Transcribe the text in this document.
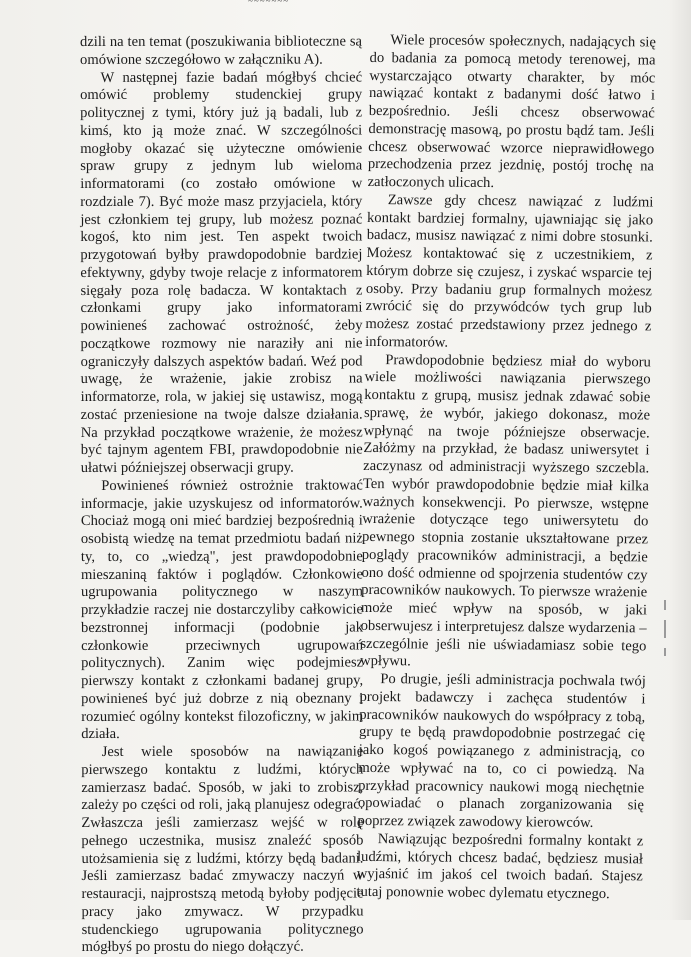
~~~~~~~

dzili na ten temat (poszukiwania biblioteczne są omówione szczegółowo w załączniku A).

W następnej fazie badań mógłbyś chcieć omówić problemy studenckiej grupy politycznej z tymi, który już ją badali, lub z kimś, kto ją może znać. W szczególności mogłoby okazać się użyteczne omówienie spraw grupy z jednym lub wieloma informatorami (co zostało omówione w rozdziale 7). Być może masz przyjaciela, który jest członkiem tej grupy, lub możesz poznać kogoś, kto nim jest. Ten aspekt twoich przygotowań byłby prawdopodobnie bardziej efektywny, gdyby twoje relacje z informatorem sięgały poza rolę badacza. W kontaktach z członkami grupy jako informatorami powinieneś zachować ostrożność, żeby początkowe rozmowy nie naraziły ani nie ograniczyły dalszych aspektów badań. Weź pod uwagę, że wrażenie, jakie zrobisz na informatorze, rola, w jakiej się ustawisz, mogą zostać przeniesione na twoje dalsze działania. Na przykład początkowe wrażenie, że możesz być tajnym agentem FBI, prawdopodobnie nie ułatwi późniejszej obserwacji grupy.

Powinieneś również ostrożnie traktować informacje, jakie uzyskujesz od informatorów. Chociaż mogą oni mieć bardziej bezpośrednią i osobistą wiedzę na temat przedmiotu badań niż ty, to, co „wiedzą", jest prawdopodobnie mieszaniną faktów i poglądów. Członkowie ugrupowania politycznego w naszym przykładzie raczej nie dostarczyliby całkowicie bezstronnej informacji (podobnie jak członkowie przeciwnych ugrupowań politycznych). Zanim więc podejmiesz pierwszy kontakt z członkami badanej grupy, powinieneś być już dobrze z nią obeznany i rozumieć ogólny kontekst filozoficzny, w jakim działa.

Jest wiele sposobów na nawiązanie pierwszego kontaktu z ludźmi, których zamierzasz badać. Sposób, w jaki to zrobisz, zależy po części od roli, jaką planujesz odegrać. Zwłaszcza jeśli zamierzasz wejść w rolę pełnego uczestnika, musisz znaleźć sposób utożsamienia się z ludźmi, którzy będą badani. Jeśli zamierzasz badać zmywaczy naczyń w restauracji, najprostszą metodą byłoby podjęcie pracy jako zmywacz. W przypadku studenckiego ugrupowania politycznego mógłbyś po prostu do niego dołączyć.

Wiele procesów społecznych, nadających się do badania za pomocą metody terenowej, ma wystarczająco otwarty charakter, by móc nawiązać kontakt z badanymi dość łatwo i bezpośrednio. Jeśli chcesz obserwować demonstrację masową, po prostu bądź tam. Jeśli chcesz obserwować wzorce nieprawidłowego przechodzenia przez jezdnię, postój trochę na zatłoczonych ulicach.

Zawsze gdy chcesz nawiązać z ludźmi kontakt bardziej formalny, ujawniając się jako badacz, musisz nawiązać z nimi dobre stosunki. Możesz kontaktować się z uczestnikiem, z którym dobrze się czujesz, i zyskać wsparcie tej osoby. Przy badaniu grup formalnych możesz zwrócić się do przywódców tych grup lub możesz zostać przedstawiony przez jednego z informatorów.

Prawdopodobnie będziesz miał do wyboru wiele możliwości nawiązania pierwszego kontaktu z grupą, musisz jednak zdawać sobie sprawę, że wybór, jakiego dokonasz, może wpłynąć na twoje późniejsze obserwacje. Załóżmy na przykład, że badasz uniwersytet i zaczynasz od administracji wyższego szczebla. Ten wybór prawdopodobnie będzie miał kilka ważnych konsekwencji. Po pierwsze, wstępne wrażenie dotyczące tego uniwersytetu do pewnego stopnia zostanie ukształtowane przez poglądy pracowników administracji, a będzie ono dość odmienne od spojrzenia studentów czy pracowników naukowych. To pierwsze wrażenie może mieć wpływ na sposób, w jaki obserwujesz i interpretujesz dalsze wydarzenia – szczególnie jeśli nie uświadamiasz sobie tego wpływu.

Po drugie, jeśli administracja pochwala twój projekt badawczy i zachęca studentów i pracowników naukowych do współpracy z tobą, grupy te będą prawdopodobnie postrzegać cię jako kogoś powiązanego z administracją, co może wpływać na to, co ci powiedzą. Na przykład pracownicy naukowi mogą niechętnie opowiadać o planach zorganizowania się poprzez związek zawodowy kierowców.

Nawiązując bezpośredni formalny kontakt z ludźmi, których chcesz badać, będziesz musiał wyjaśnić im jakoś cel twoich badań. Stajesz tutaj ponownie wobec dylematu etycznego.
